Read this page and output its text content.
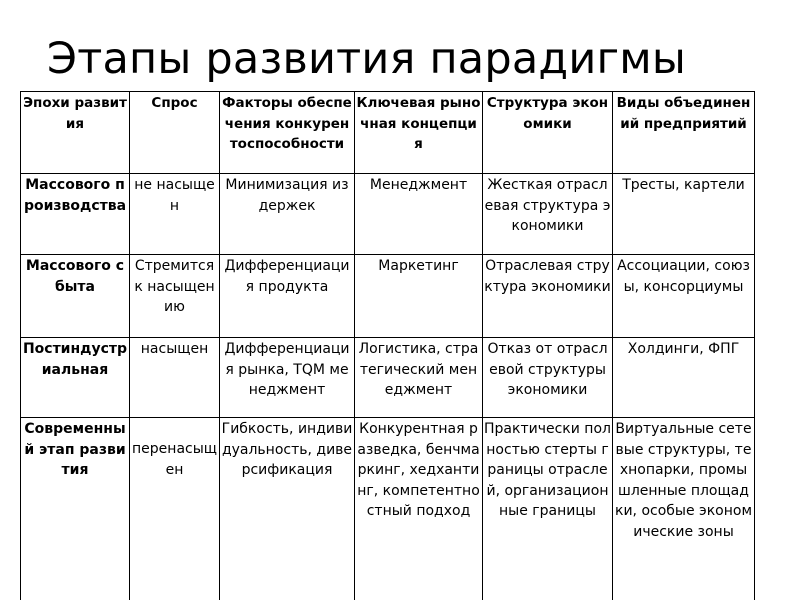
Этапы развития парадигмы
Эпохи развития	Спрос	Факторы обеспечения конкурентоспособности	Ключевая рыночная концепция	Структура экономики	Виды объединений предприятий
Массового производства	не насыщен	Минимизация издержек	Менеджмент	Жесткая отраслевая структура экономики	Тресты, картели
Массового сбыта	Стремится к насыщению	Дифференциация продукта	Маркетинг	Отраслевая структура экономики	Ассоциации, союзы, консорциумы
Постиндустриальная	насыщен	Дифференциация рынка, TQM менеджмент	Логистика, стратегический менеджмент	Отказ от отраслевой структуры экономики	Холдинги, ФПГ
Современный этап развития	перенасыщен	Гибкость, индивидуальность, диверсификация	Конкурентная разведка, бенчмаркинг, хедхантинг, компетентностный подход	Практически полностью стерты границы отраслей, организационные границы	Виртуальные сетевые структуры, технопарки, промышленные площадки, особые экономические зоны
